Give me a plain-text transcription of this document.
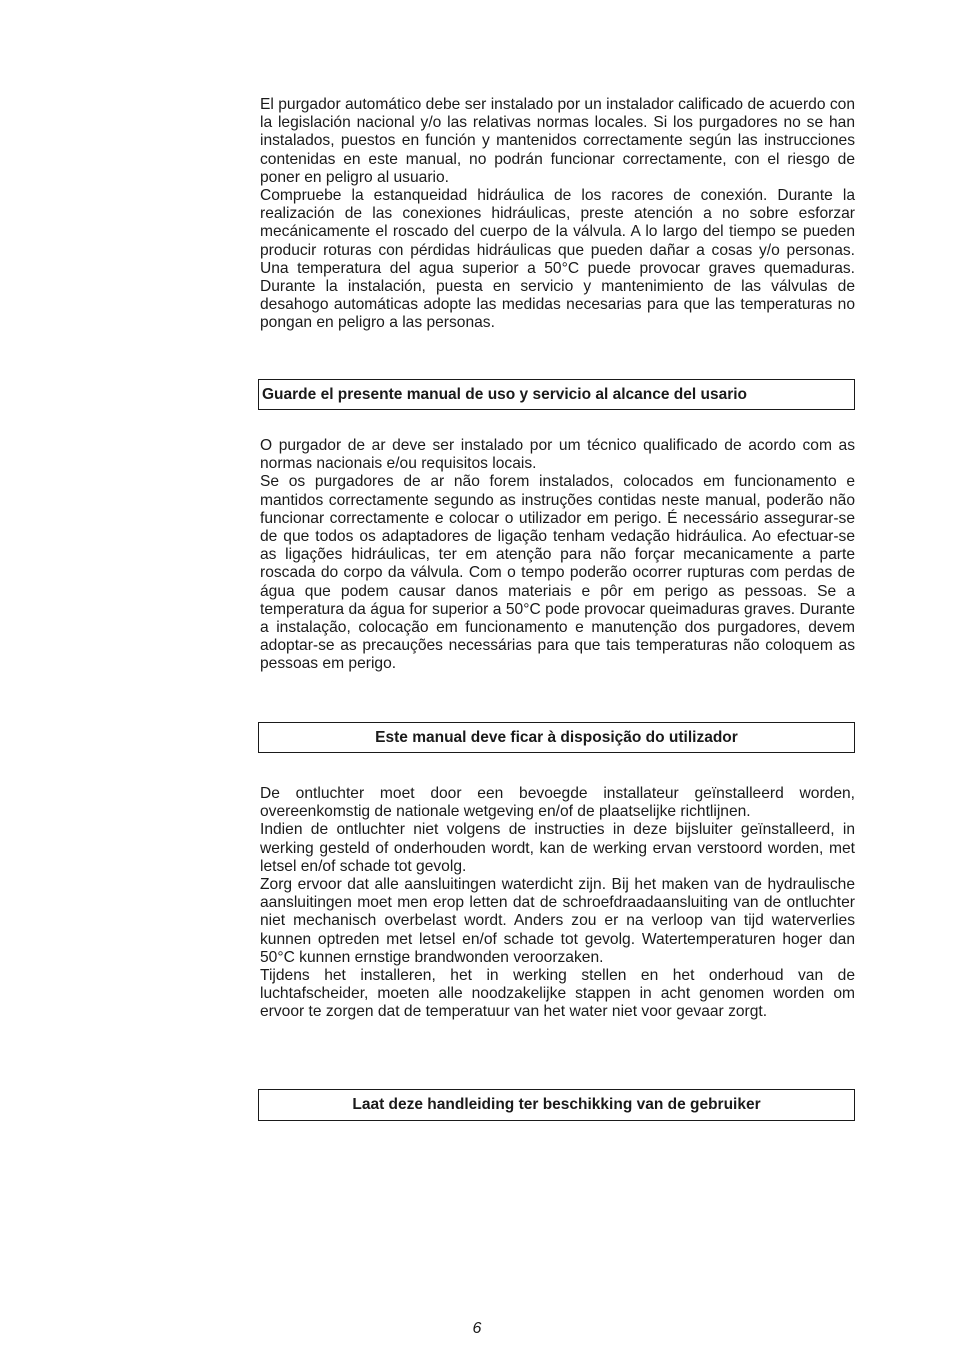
El purgador automático debe ser instalado por un instalador calificado de acuerdo con la legislación nacional y/o las relativas normas locales. Si los purgadores no se han instalados, puestos en función y mantenidos correctamente según las instrucciones contenidas en este manual, no podrán funcionar correctamente, con el riesgo de poner en peligro al usuario.

Compruebe la estanqueidad hidráulica de los racores de conexión. Durante la realización de las conexiones hidráulicas, preste atención a no sobre esforzar mecánicamente el roscado del cuerpo de la válvula. A lo largo del tiempo se pueden producir roturas con pérdidas hidráulicas que pueden dañar a cosas y/o personas. Una temperatura del agua superior a 50°C puede provocar graves quemaduras. Durante la instalación, puesta en servicio y mantenimiento de las válvulas de desahogo automáticas adopte las medidas necesarias para que las temperaturas no pongan en peligro a las personas.

Guarde el presente manual de uso y servicio al alcance del usario

O purgador de ar deve ser instalado por um técnico qualificado de acordo com as normas nacionais e/ou requisitos locais.

Se os purgadores de ar não forem instalados, colocados em funcionamento e mantidos correctamente segundo as instruções contidas neste manual, poderão não funcionar correctamente e colocar o utilizador em perigo. É necessário assegurar-se de que todos os adaptadores de ligação tenham vedação hidráulica. Ao efectuar-se as ligações hidráulicas, ter em atenção para não forçar mecanicamente a parte roscada do corpo da válvula. Com o tempo poderão ocorrer rupturas com perdas de água que podem causar danos materiais e pôr em perigo as pessoas. Se a temperatura da água for superior a 50°C pode provocar queimaduras graves. Durante a instalação, colocação em funcionamento e manutenção dos purgadores, devem adoptar-se as precauções necessárias para que tais temperaturas não coloquem as pessoas em perigo.

Este manual deve ficar à disposição do utilizador

De ontluchter moet door een bevoegde installateur geïnstalleerd worden, overeenkomstig de nationale wetgeving en/of de plaatselijke richtlijnen.

Indien de ontluchter niet volgens de instructies in deze bijsluiter geïnstalleerd, in werking gesteld of onderhouden wordt, kan de werking ervan verstoord worden, met letsel en/of schade tot gevolg.

Zorg ervoor dat alle aansluitingen waterdicht zijn. Bij het maken van de hydraulische aansluitingen moet men erop letten dat de schroefdraadaansluiting van de ontluchter niet mechanisch overbelast wordt. Anders zou er na verloop van tijd waterverlies kunnen optreden met letsel en/of schade tot gevolg. Watertemperaturen hoger dan 50°C kunnen ernstige brandwonden veroorzaken.

Tijdens het installeren, het in werking stellen en het onderhoud van de luchtafscheider, moeten alle noodzakelijke stappen in acht genomen worden om ervoor te zorgen dat de temperatuur van het water niet voor gevaar zorgt.

Laat deze handleiding ter beschikking van de gebruiker
6
